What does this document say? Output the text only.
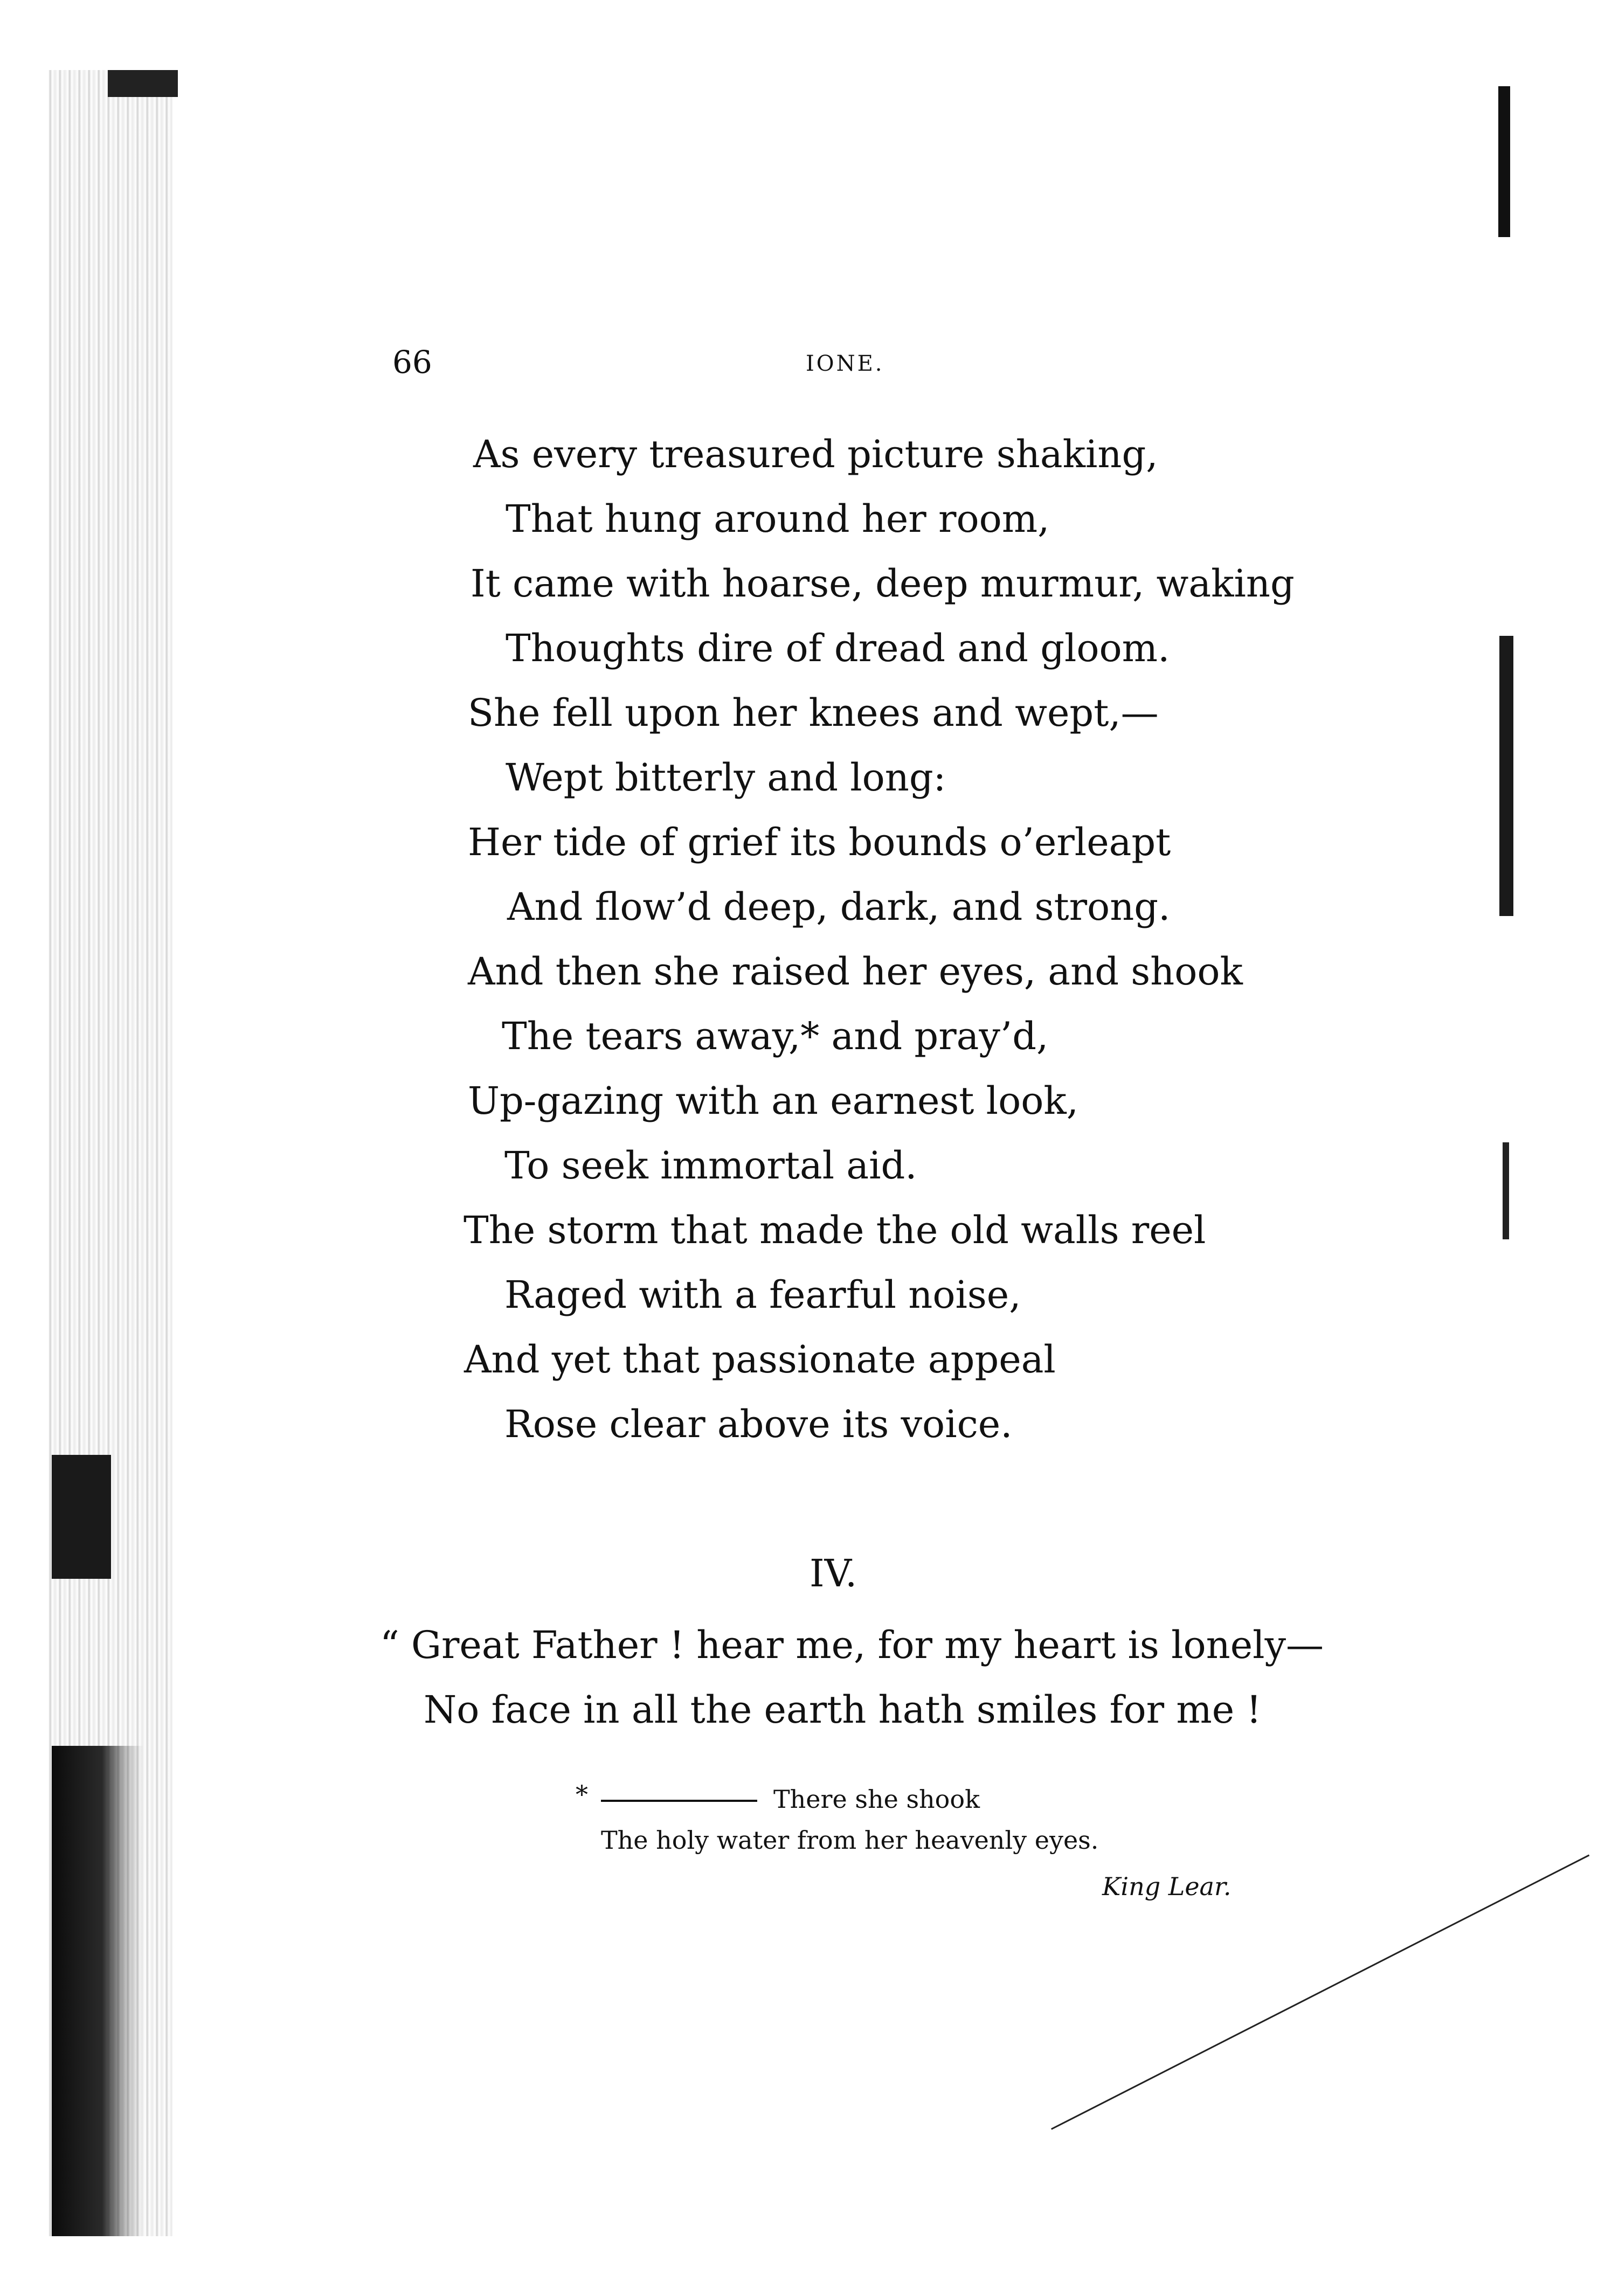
66	IONE.
As every treasured picture shaking,
That hung around her room,
It came with hoarse, deep murmur, waking
Thoughts dire of dread and gloom.
She fell upon her knees and wept,—
Wept bitterly and long:
Her tide of grief its bounds o’erleapt
And flow’d deep, dark, and strong.
And then she raised her eyes, and shook
The tears away,* and pray’d,
Up-gazing with an earnest look,
To seek immortal aid.
The storm that made the old walls reel
Raged with a fearful noise,
And yet that passionate appeal
Rose clear above its voice.
IV.
“ Great Father ! hear me, for my heart is lonely—
No face in all the earth hath smiles for me !
*	There she shook
The holy water from her heavenly eyes.
King Lear.
